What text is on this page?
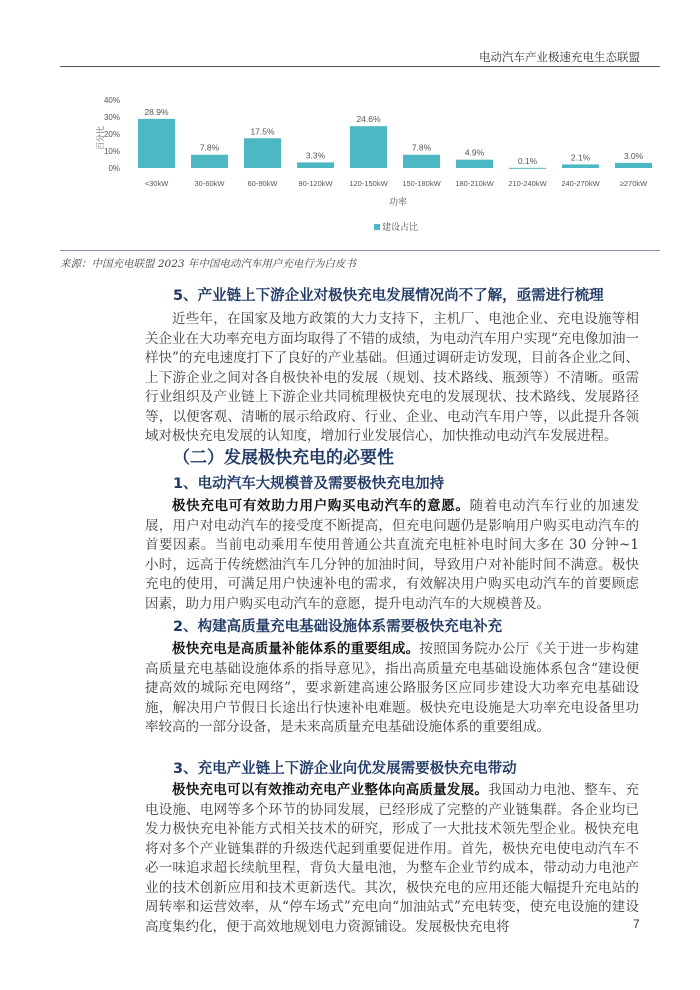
电动汽车产业极速充电生态联盟
0%
10%
20%
30%
40%
百分比
28.9%
<30kW
7.8%
30-60kW
17.5%
60-90kW
3.3%
90-120kW
24.6%
120-150kW
7.8%
150-180kW
4.9%
180-210kW
0.1%
210-240kW
2.1%
240-270kW
3.0%
≥270kW
功率
建设占比
来源：中国充电联盟 2023 年中国电动汽车用户充电行为白皮书
5、产业链上下游企业对极快充电发展情况尚不了解，亟需进行梳理

近些年，在国家及地方政策的大力支持下，主机厂、电池企业、充电设施等相关企业在大功率充电方面均取得了不错的成绩，为电动汽车用户实现“充电像加油一样快”的充电速度打下了良好的产业基础。但通过调研走访发现，目前各企业之间、上下游企业之间对各自极快补电的发展（规划、技术路线、瓶颈等）不清晰。亟需行业组织及产业链上下游企业共同梳理极快充电的发展现状、技术路线、发展路径等，以便客观、清晰的展示给政府、行业、企业、电动汽车用户等，以此提升各领域对极快充电发展的认知度，增加行业发展信心，加快推动电动汽车发展进程。

（二）发展极快充电的必要性
1、电动汽车大规模普及需要极快充电加持

极快充电可有效助力用户购买电动汽车的意愿。随着电动汽车行业的加速发展，用户对电动汽车的接受度不断提高，但充电问题仍是影响用户购买电动汽车的首要因素。当前电动乘用车使用普通公共直流充电桩补电时间大多在 30 分钟~1 小时，远高于传统燃油汽车几分钟的加油时间，导致用户对补能时间不满意。极快充电的使用，可满足用户快速补电的需求，有效解决用户购买电动汽车的首要顾虑因素，助力用户购买电动汽车的意愿，提升电动汽车的大规模普及。

2、构建高质量充电基础设施体系需要极快充电补充

极快充电是高质量补能体系的重要组成。按照国务院办公厅《关于进一步构建高质量充电基础设施体系的指导意见》，指出高质量充电基础设施体系包含“建设便捷高效的城际充电网络”，要求新建高速公路服务区应同步建设大功率充电基础设施，解决用户节假日长途出行快速补电难题。极快充电设施是大功率充电设备里功率较高的一部分设备，是未来高质量充电基础设施体系的重要组成。

3、充电产业链上下游企业向优发展需要极快充电带动

极快充电可以有效推动充电产业整体向高质量发展。我国动力电池、整车、充电设施、电网等多个环节的协同发展，已经形成了完整的产业链集群。各企业均已发力极快充电补能方式相关技术的研究，形成了一大批技术领先型企业。极快充电将对多个产业链集群的升级迭代起到重要促进作用。首先，极快充电使电动汽车不必一味追求超长续航里程，背负大量电池，为整车企业节约成本，带动动力电池产业的技术创新应用和技术更新迭代。其次，极快充电的应用还能大幅提升充电站的周转率和运营效率，从“停车场式”充电向“加油站式”充电转变，使充电设施的建设高度集约化，便于高效地规划电力资源铺设。发展极快充电将	7
